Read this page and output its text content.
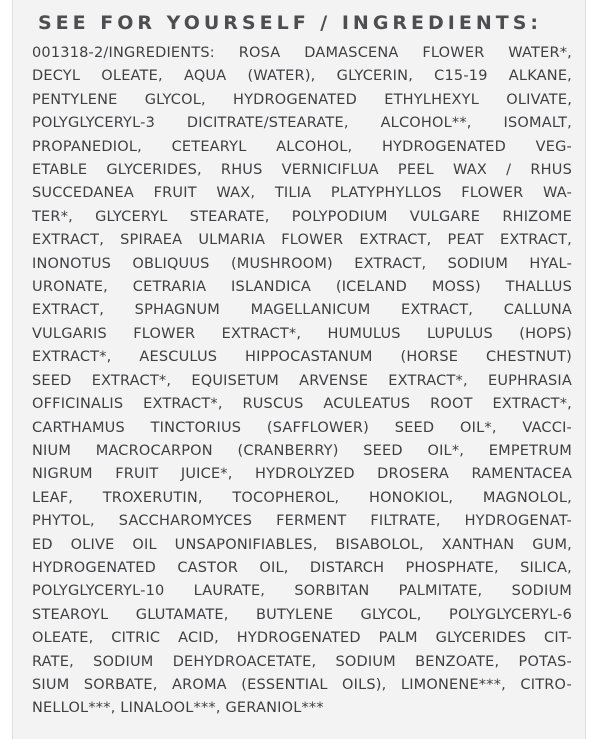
SEE FOR YOURSELF / INGREDIENTS:
001318-2/INGREDIENTS: ROSA DAMASCENA FLOWER WATER*,
DECYL OLEATE, AQUA (WATER), GLYCERIN, C15-19 ALKANE,
PENTYLENE GLYCOL, HYDROGENATED ETHYLHEXYL OLIVATE,
POLYGLYCERYL-3 DICITRATE/STEARATE, ALCOHOL**, ISOMALT,
PROPANEDIOL, CETEARYL ALCOHOL, HYDROGENATED VEG-
ETABLE GLYCERIDES, RHUS VERNICIFLUA PEEL WAX / RHUS
SUCCEDANEA FRUIT WAX, TILIA PLATYPHYLLOS FLOWER WA-
TER*, GLYCERYL STEARATE, POLYPODIUM VULGARE RHIZOME
EXTRACT, SPIRAEA ULMARIA FLOWER EXTRACT, PEAT EXTRACT,
INONOTUS OBLIQUUS (MUSHROOM) EXTRACT, SODIUM HYAL-
URONATE, CETRARIA ISLANDICA (ICELAND MOSS) THALLUS
EXTRACT, SPHAGNUM MAGELLANICUM EXTRACT, CALLUNA
VULGARIS FLOWER EXTRACT*, HUMULUS LUPULUS (HOPS)
EXTRACT*, AESCULUS HIPPOCASTANUM (HORSE CHESTNUT)
SEED EXTRACT*, EQUISETUM ARVENSE EXTRACT*, EUPHRASIA
OFFICINALIS EXTRACT*, RUSCUS ACULEATUS ROOT EXTRACT*,
CARTHAMUS TINCTORIUS (SAFFLOWER) SEED OIL*, VACCI-
NIUM MACROCARPON (CRANBERRY) SEED OIL*, EMPETRUM
NIGRUM FRUIT JUICE*, HYDROLYZED DROSERA RAMENTACEA
LEAF, TROXERUTIN, TOCOPHEROL, HONOKIOL, MAGNOLOL,
PHYTOL, SACCHAROMYCES FERMENT FILTRATE, HYDROGENAT-
ED OLIVE OIL UNSAPONIFIABLES, BISABOLOL, XANTHAN GUM,
HYDROGENATED CASTOR OIL, DISTARCH PHOSPHATE, SILICA,
POLYGLYCERYL-10 LAURATE, SORBITAN PALMITATE, SODIUM
STEAROYL GLUTAMATE, BUTYLENE GLYCOL, POLYGLYCERYL-6
OLEATE, CITRIC ACID, HYDROGENATED PALM GLYCERIDES CIT-
RATE, SODIUM DEHYDROACETATE, SODIUM BENZOATE, POTAS-
SIUM SORBATE, AROMA (ESSENTIAL OILS), LIMONENE***, CITRO-
NELLOL***, LINALOOL***, GERANIOL***
